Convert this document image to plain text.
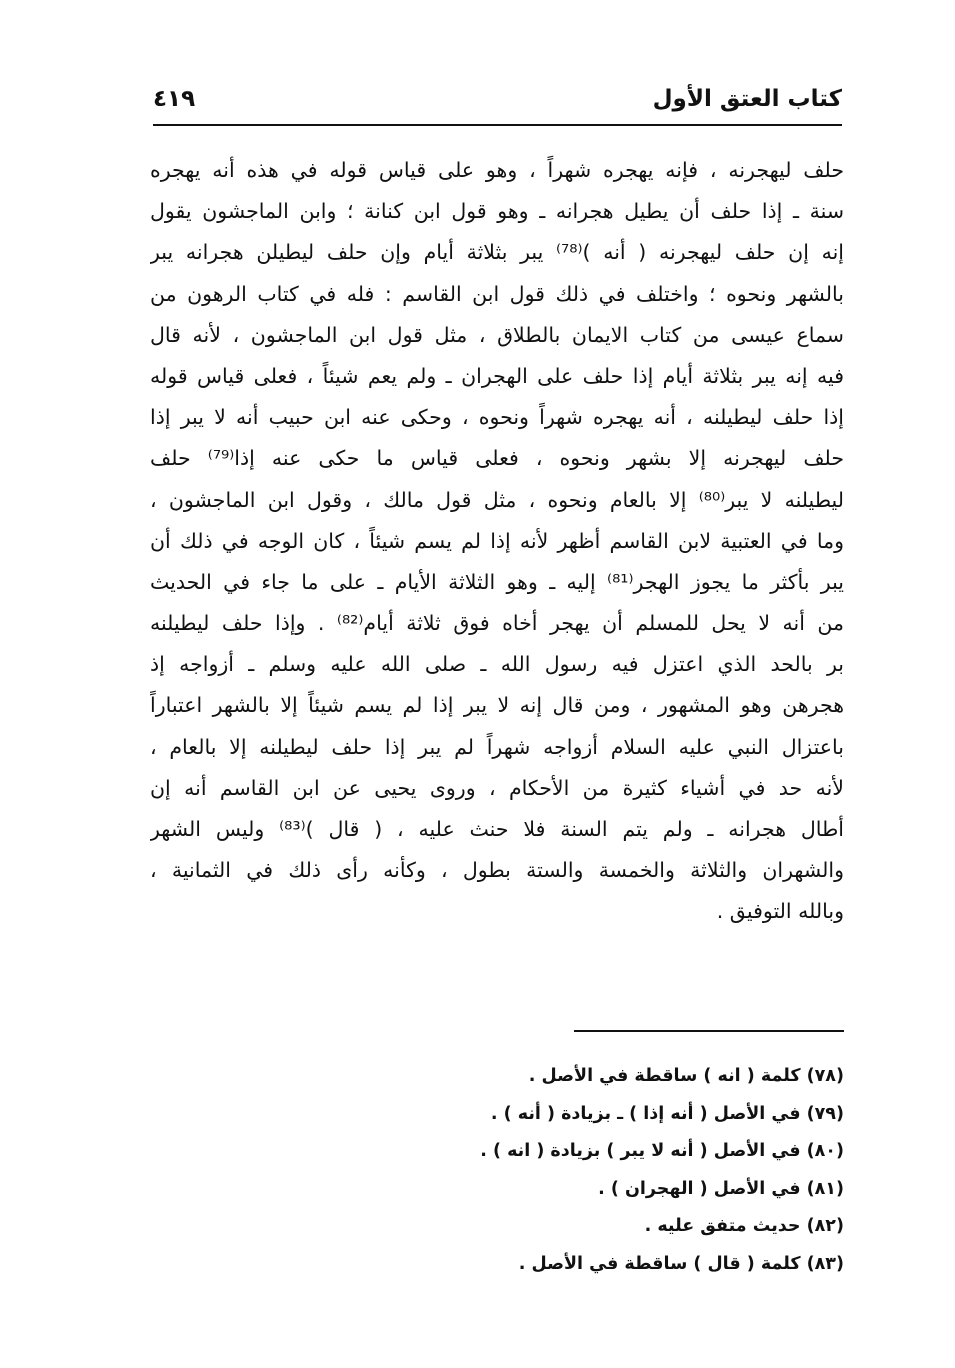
كتاب العتق الأول
٤١٩
حلف ليهجرنه ، فإنه يهجره شهراً ، وهو على قياس قوله في هذه أنه يهجره
سنة ـ إذا حلف أن يطيل هجرانه ـ وهو قول ابن كنانة ؛ وابن الماجشون يقول
إنه إن حلف ليهجرنه ( أنه )⁽⁷⁸⁾ يبر بثلاثة أيام وإن حلف ليطيلن هجرانه يبر
بالشهر ونحوه ؛ واختلف في ذلك قول ابن القاسم : فله في كتاب الرهون من
سماع عيسى من كتاب الايمان بالطلاق ، مثل قول ابن الماجشون ، لأنه قال
فيه إنه يبر بثلاثة أيام إذا حلف على الهجران ـ ولم يعم شيئاً ، فعلى قياس قوله
إذا حلف ليطيلنه ، أنه يهجره شهراً ونحوه ، وحكى عنه ابن حبيب أنه لا يبر إذا
حلف ليهجرنه إلا بشهر ونحوه ، فعلى قياس ما حكى عنه إذا⁽⁷⁹⁾ حلف
ليطيلنه لا يبر⁽⁸⁰⁾ إلا بالعام ونحوه ، مثل قول مالك ، وقول ابن الماجشون ،
وما في العتبية لابن القاسم أظهر لأنه إذا لم يسم شيئاً ، كان الوجه في ذلك أن
يبر بأكثر ما يجوز الهجر⁽⁸¹⁾ إليه ـ وهو الثلاثة الأيام ـ على ما جاء في الحديث
من أنه لا يحل للمسلم أن يهجر أخاه فوق ثلاثة أيام⁽⁸²⁾ . وإذا حلف ليطيلنه
بر بالحد الذي اعتزل فيه رسول الله ـ صلى الله عليه وسلم ـ أزواجه إذ
هجرهن وهو المشهور ، ومن قال إنه لا يبر إذا لم يسم شيئاً إلا بالشهر اعتباراً
باعتزال النبي عليه السلام أزواجه شهراً لم يبر إذا حلف ليطيلنه إلا بالعام ،
لأنه حد في أشياء كثيرة من الأحكام ، وروى يحيى عن ابن القاسم أنه إن
أطال هجرانه ـ ولم يتم السنة فلا حنث عليه ، ( قال )⁽⁸³⁾ وليس الشهر
والشهران والثلاثة والخمسة والستة بطول ، وكأنه رأى ذلك في الثمانية ،
وبالله التوفيق .
(٧٨) كلمة ( انه ) ساقطة في الأصل .
(٧٩) في الأصل ( أنه إذا ) ـ بزيادة ( أنه ) .
(٨٠) في الأصل ( أنه لا يبر ) بزيادة ( انه ) .
(٨١) في الأصل ( الهجران ) .
(٨٢) حديث متفق عليه .
(٨٣) كلمة ( قال ) ساقطة في الأصل .
